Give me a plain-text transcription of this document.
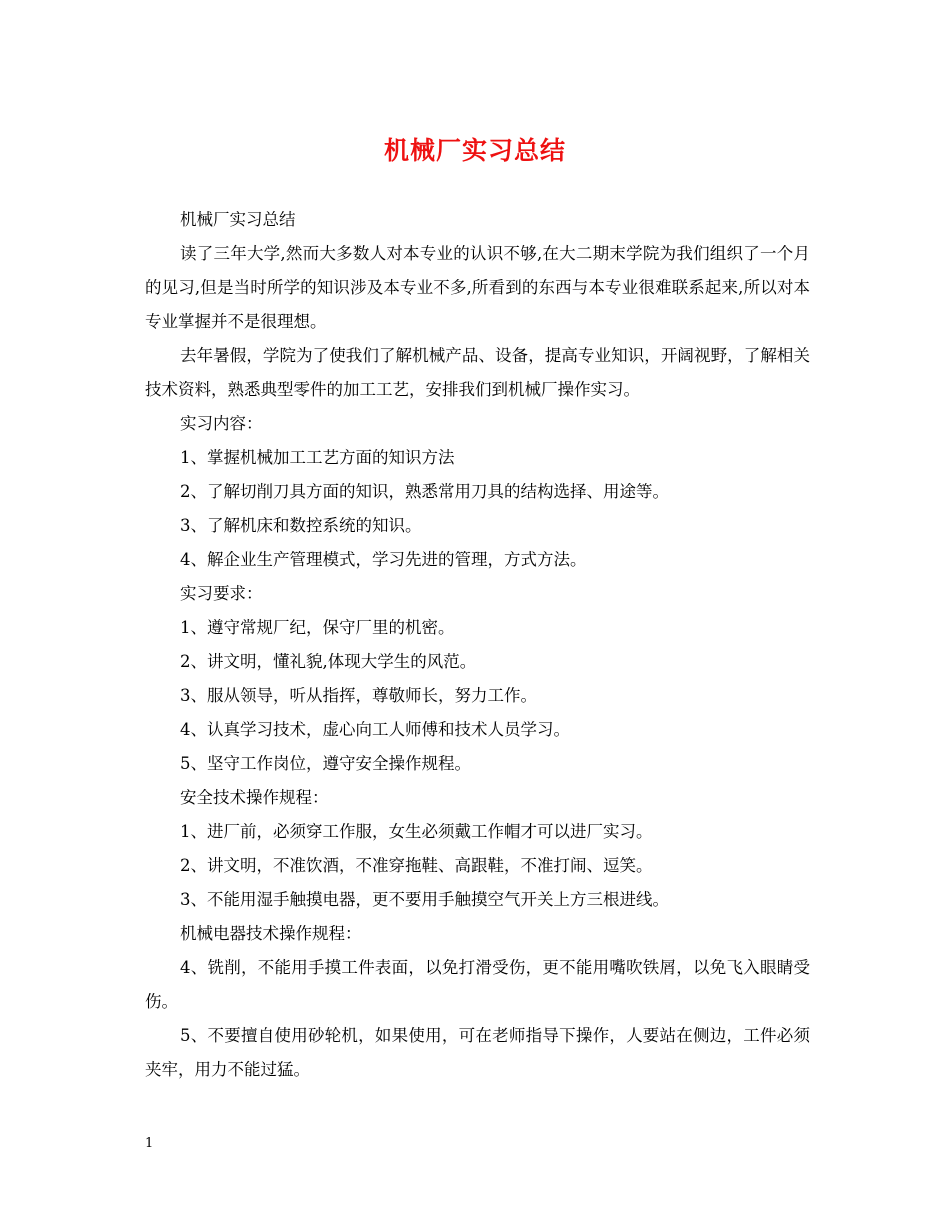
机械厂实习总结

机械厂实习总结

读了三年大学,然而大多数人对本专业的认识不够,在大二期末学院为我们组织了一个月的见习,但是当时所学的知识涉及本专业不多,所看到的东西与本专业很难联系起来,所以对本专业掌握并不是很理想。

去年暑假，学院为了使我们了解机械产品、设备，提高专业知识，开阔视野，了解相关技术资料，熟悉典型零件的加工工艺，安排我们到机械厂操作实习。

实习内容：

1、掌握机械加工工艺方面的知识方法

2、了解切削刀具方面的知识，熟悉常用刀具的结构选择、用途等。

3、了解机床和数控系统的知识。

4、解企业生产管理模式，学习先进的管理，方式方法。

实习要求：

1、遵守常规厂纪，保守厂里的机密。

2、讲文明，懂礼貌,体现大学生的风范。

3、服从领导，听从指挥，尊敬师长，努力工作。

4、认真学习技术，虚心向工人师傅和技术人员学习。

5、坚守工作岗位，遵守安全操作规程。

安全技术操作规程：

1、进厂前，必须穿工作服，女生必须戴工作帽才可以进厂实习。

2、讲文明，不准饮酒，不准穿拖鞋、高跟鞋，不准打闹、逗笑。

3、不能用湿手触摸电器，更不要用手触摸空气开关上方三根进线。

机械电器技术操作规程：

4、铣削，不能用手摸工件表面，以免打滑受伤，更不能用嘴吹铁屑，以免飞入眼睛受伤。

5、不要擅自使用砂轮机，如果使用，可在老师指导下操作，人要站在侧边，工件必须夹牢，用力不能过猛。

1
